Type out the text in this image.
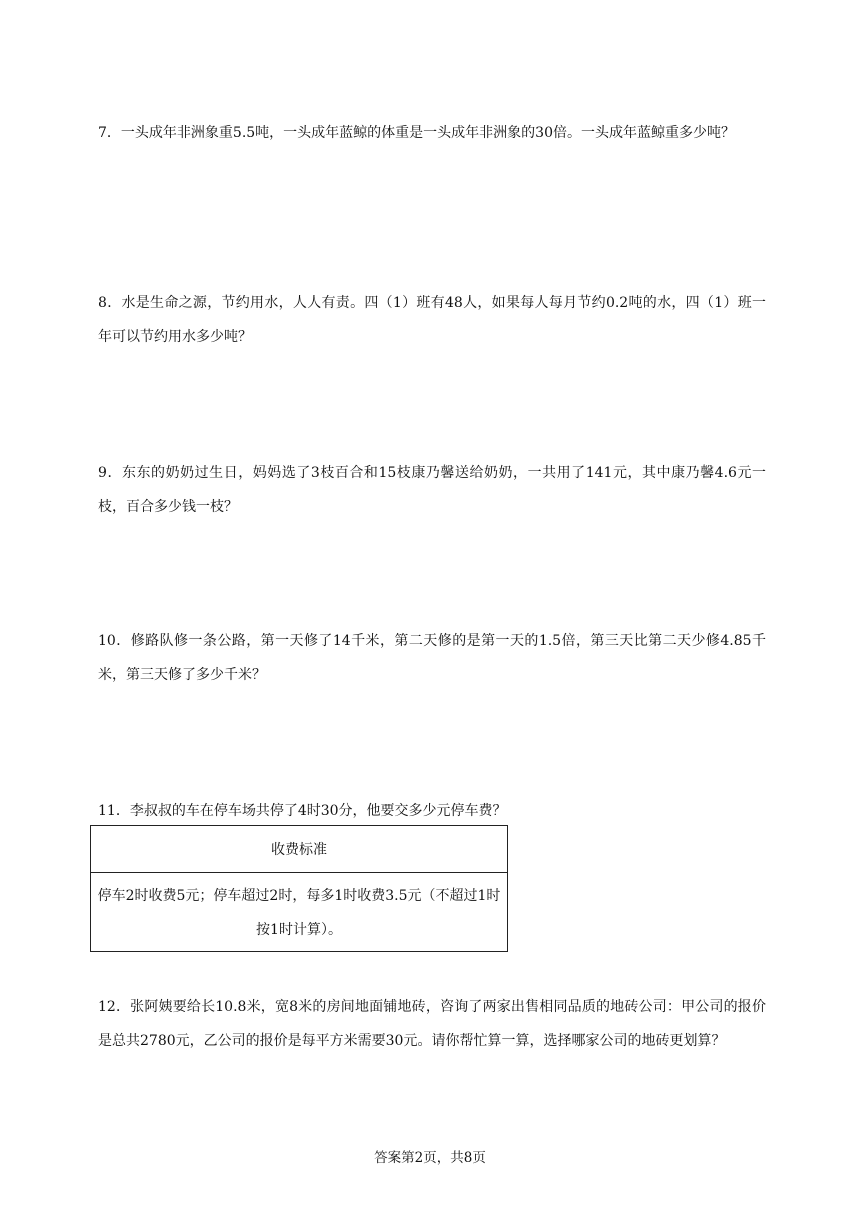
7．一头成年非洲象重5.5吨，一头成年蓝鲸的体重是一头成年非洲象的30倍。一头成年蓝鲸重多少吨？
8．水是生命之源，节约用水，人人有责。四（1）班有48人，如果每人每月节约0.2吨的水，四（1）班一年可以节约用水多少吨？
9．东东的奶奶过生日，妈妈选了3枝百合和15枝康乃馨送给奶奶，一共用了141元，其中康乃馨4.6元一枝，百合多少钱一枝？
10．修路队修一条公路，第一天修了14千米，第二天修的是第一天的1.5倍，第三天比第二天少修4.85千米，第三天修了多少千米？
11．李叔叔的车在停车场共停了4时30分，他要交多少元停车费？
收费标准
停车2时收费5元；停车超过2时，每多1时收费3.5元（不超过1时按1时计算）。
12．张阿姨要给长10.8米，宽8米的房间地面铺地砖，咨询了两家出售相同品质的地砖公司：甲公司的报价是总共2780元，乙公司的报价是每平方米需要30元。请你帮忙算一算，选择哪家公司的地砖更划算？
答案第2页，共8页
